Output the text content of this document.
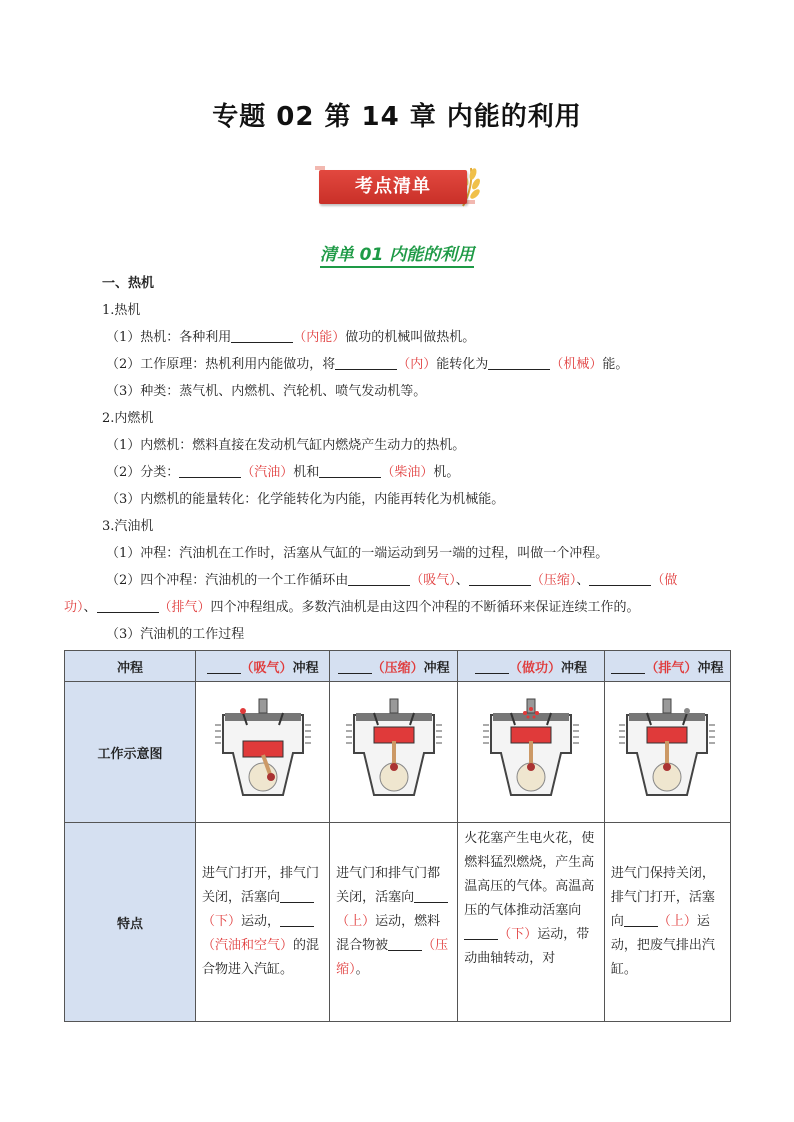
专题 02 第 14 章 内能的利用
考点清单
清单 01 内能的利用
一、热机
1.热机
（1）热机：各种利用	（内能）做功的机械叫做热机。
（2）工作原理：热机利用内能做功，将	（内）能转化为	（机械）能。
（3）种类：蒸气机、内燃机、汽轮机、喷气发动机等。
2.内燃机
（1）内燃机：燃料直接在发动机气缸内燃烧产生动力的热机。
（2）分类：	（汽油）机和	（柴油）机。
（3）内燃机的能量转化：化学能转化为内能，内能再转化为机械能。
3.汽油机
（1）冲程：汽油机在工作时，活塞从气缸的一端运动到另一端的过程，叫做一个冲程。
（2）四个冲程：汽油机的一个工作循环由	（吸气）、	（压缩）、	（做
功）、	（排气）四个冲程组成。多数汽油机是由这四个冲程的不断循环来保证连续工作的。
（3）汽油机的工作过程
冲程	（吸气）冲程	（压缩）冲程	（做功）冲程	（排气）冲程
工作示意图				
特点	进气门打开，排气门关闭，活塞向（下）运动，（汽油和空气）的混合物进入汽缸。	进气门和排气门都关闭，活塞向（上）运动，燃料混合物被 （压缩）。	火花塞产生电火花，使燃料猛烈燃烧，产生高温高压的气体。高温高压的气体推动活塞向（下）运动，带动曲轴转动，对	进气门保持关闭，排气门打开，活塞向 （上）运动，把废气排出汽缸。
